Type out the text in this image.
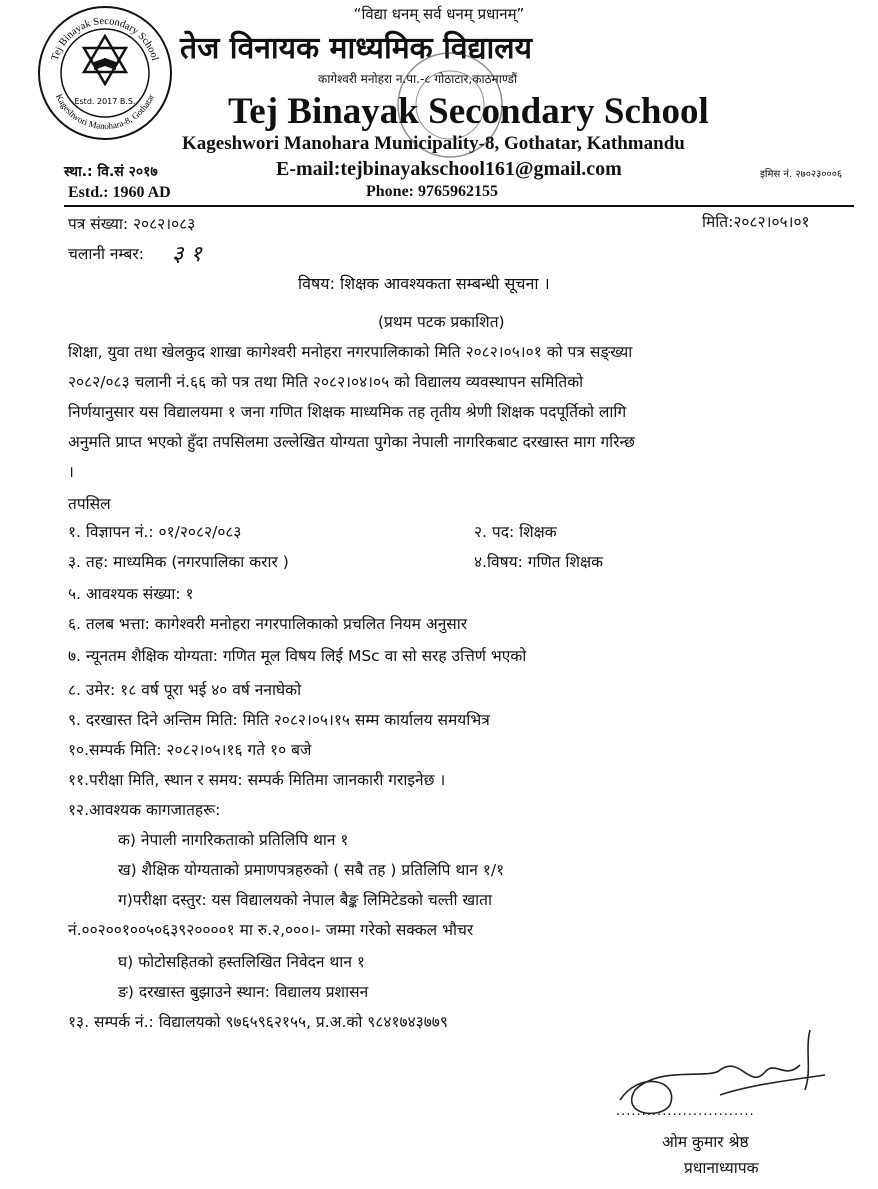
Tej Binayak Secondary School
Kageshwori Manohara-8, Gothatar
Estd. 2017 B.S.
“विद्या धनम् सर्व धनम् प्रधानम्”
तेज विनायक माध्यमिक विद्यालय
कागेश्वरी मनोहरा न.पा.-८ गोठाटार,काठमाण्डौं
Tej Binayak Secondary School
Kageshwori Manohara Municipality-8, Gothatar, Kathmandu
स्था.: वि.सं २०१७	E-mail:tejbinayakschool161@gmail.com	इमिस नं. २७०२३०००६
Estd.: 1960 AD	Phone: 9765962155
पत्र संख्या: २०८२।०८३	मिति:२०८२।०५।०१
चलानी नम्बर: ३ १
विषय: शिक्षक आवश्यकता सम्बन्धी सूचना ।
(प्रथम पटक प्रकाशित)
शिक्षा, युवा तथा खेलकुद शाखा कागेश्वरी मनोहरा नगरपालिकाको मिति २०८२।०५।०१ को पत्र सङ्ख्या
२०८२/०८३ चलानी नं.६६ को पत्र तथा मिति २०८२।०४।०५ को विद्यालय व्यवस्थापन समितिको
निर्णयानुसार यस विद्यालयमा १ जना गणित शिक्षक माध्यमिक तह तृतीय श्रेणी शिक्षक पदपूर्तिको लागि
अनुमति प्राप्त भएको हुँदा तपसिलमा उल्लेखित योग्यता पुगेका नेपाली नागरिकबाट दरखास्त माग गरिन्छ
।
तपसिल
१. विज्ञापन नं.: ०१/२०८२/०८३	२. पद: शिक्षक
३. तह: माध्यमिक (नगरपालिका करार )	४.विषय: गणित शिक्षक
५. आवश्यक संख्या: १
६. तलब भत्ता: कागेश्वरी मनोहरा नगरपालिकाको प्रचलित नियम अनुसार
७. न्यूनतम शैक्षिक योग्यता: गणित मूल विषय लिई MSc वा सो सरह उत्तिर्ण भएको
८. उमेर: १८ वर्ष पूरा भई ४० वर्ष ननाघेको
९. दरखास्त दिने अन्तिम मिति: मिति २०८२।०५।१५ सम्म कार्यालय समयभित्र
१०.सम्पर्क मिति: २०८२।०५।१६ गते १० बजे
११.परीक्षा मिति, स्थान र समय: सम्पर्क मितिमा जानकारी गराइनेछ ।
१२.आवश्यक कागजातहरू:
क) नेपाली नागरिकताको प्रतिलिपि थान १
ख) शैक्षिक योग्यताको प्रमाणपत्रहरुको ( सबै तह ) प्रतिलिपि थान १/१
ग)परीक्षा दस्तुर: यस विद्यालयको नेपाल बैङ्क लिमिटेडको चल्ती खाता
नं.००२००१००५०६३९२००००१ मा रु.२,०००।- जम्मा गरेको सक्कल भौचर
घ) फोटोसहितको हस्तलिखित निवेदन थान १
ङ) दरखास्त बुझाउने स्थान: विद्यालय प्रशासन
१३. सम्पर्क नं.: विद्यालयको ९७६५९६२१५५, प्र.अ.को ९८४१७४३७७९
...........................
ओम कुमार श्रेष्ठ
प्रधानाध्यापक
